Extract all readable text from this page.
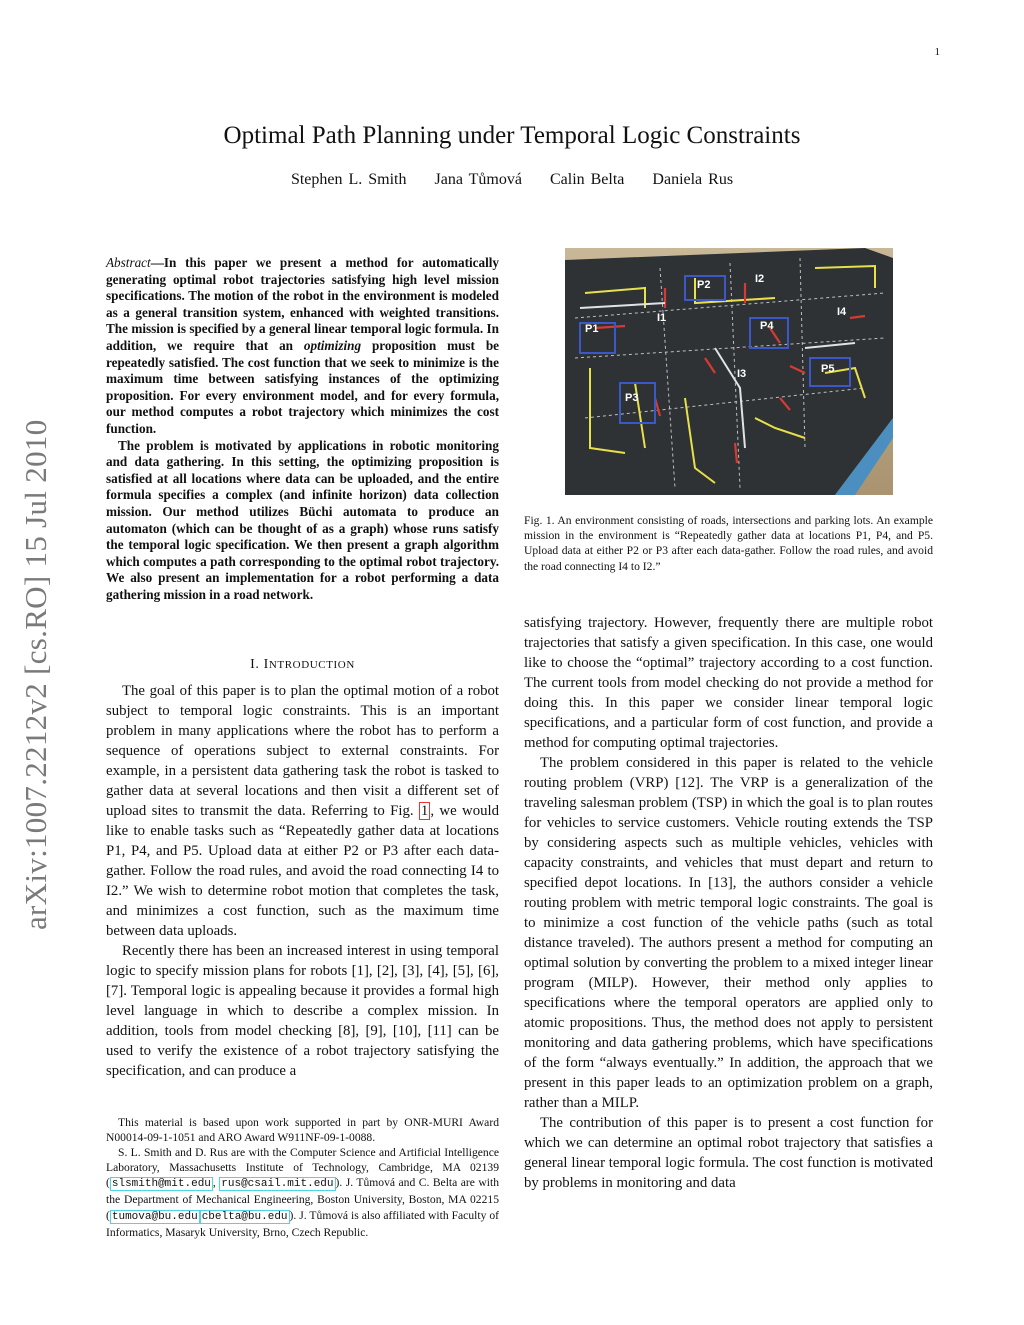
1
Optimal Path Planning under Temporal Logic Constraints
Stephen L. Smith Jana Tůmová Calin Belta Daniela Rus
arXiv:1007.2212v2 [cs.RO] 15 Jul 2010

Abstract—In this paper we present a method for automatically generating optimal robot trajectories satisfying high level mission specifications. The motion of the robot in the environment is modeled as a general transition system, enhanced with weighted transitions. The mission is specified by a general linear temporal logic formula. In addition, we require that an optimizing proposition must be repeatedly satisfied. The cost function that we seek to minimize is the maximum time between satisfying instances of the optimizing proposition. For every environment model, and for every formula, our method computes a robot trajectory which minimizes the cost function.

The problem is motivated by applications in robotic monitoring and data gathering. In this setting, the optimizing proposition is satisfied at all locations where data can be uploaded, and the entire formula specifies a complex (and infinite horizon) data collection mission. Our method utilizes Büchi automata to produce an automaton (which can be thought of as a graph) whose runs satisfy the temporal logic specification. We then present a graph algorithm which computes a path corresponding to the optimal robot trajectory. We also present an implementation for a robot performing a data gathering mission in a road network.

I. INTRODUCTION

The goal of this paper is to plan the optimal motion of a robot subject to temporal logic constraints. This is an important problem in many applications where the robot has to perform a sequence of operations subject to external constraints. For example, in a persistent data gathering task the robot is tasked to gather data at several locations and then visit a different set of upload sites to transmit the data. Referring to Fig. 1 , we would like to enable tasks such as “Repeatedly gather data at locations P1, P4, and P5. Upload data at either P2 or P3 after each data-gather. Follow the road rules, and avoid the road connecting I4 to I2.” We wish to determine robot motion that completes the task, and minimizes a cost function, such as the maximum time between data uploads.

Recently there has been an increased interest in using temporal logic to specify mission plans for robots [1], [2], [3], [4], [5], [6], [7]. Temporal logic is appealing because it provides a formal high level language in which to describe a complex mission. In addition, tools from model checking [8], [9], [10], [11] can be used to verify the existence of a robot trajectory satisfying the specification, and can produce a

This material is based upon work supported in part by ONR-MURI Award N00014-09-1-1051 and ARO Award W911NF-09-1-0088.

S. L. Smith and D. Rus are with the Computer Science and Artificial Intelligence Laboratory, Massachusetts Institute of Technology, Cambridge, MA 02139 ( slsmith@mit.edu , rus@csail.mit.edu ). J. Tůmová and C. Belta are with the Department of Mechanical Engineering, Boston University, Boston, MA 02215 ( tumova@bu.edu cbelta@bu.edu ). J. Tůmová is also affiliated with Faculty of Informatics, Masaryk University, Brno, Czech Republic.

P1
P2
P3
P4
P5
I1
I2
I3
I4
Fig. 1. An environment consisting of roads, intersections and parking lots. An example mission in the environment is “Repeatedly gather data at locations P1, P4, and P5. Upload data at either P2 or P3 after each data-gather. Follow the road rules, and avoid the road connecting I4 to I2.”

satisfying trajectory. However, frequently there are multiple robot trajectories that satisfy a given specification. In this case, one would like to choose the “optimal” trajectory according to a cost function. The current tools from model checking do not provide a method for doing this. In this paper we consider linear temporal logic specifications, and a particular form of cost function, and provide a method for computing optimal trajectories.

The problem considered in this paper is related to the vehicle routing problem (VRP) [12]. The VRP is a generalization of the traveling salesman problem (TSP) in which the goal is to plan routes for vehicles to service customers. Vehicle routing extends the TSP by considering aspects such as multiple vehicles, vehicles with capacity constraints, and vehicles that must depart and return to specified depot locations. In [13], the authors consider a vehicle routing problem with metric temporal logic constraints. The goal is to minimize a cost function of the vehicle paths (such as total distance traveled). The authors present a method for computing an optimal solution by converting the problem to a mixed integer linear program (MILP). However, their method only applies to specifications where the temporal operators are applied only to atomic propositions. Thus, the method does not apply to persistent monitoring and data gathering problems, which have specifications of the form “always eventually.” In addition, the approach that we present in this paper leads to an optimization problem on a graph, rather than a MILP.

The contribution of this paper is to present a cost function for which we can determine an optimal robot trajectory that satisfies a general linear temporal logic formula. The cost function is motivated by problems in monitoring and data
